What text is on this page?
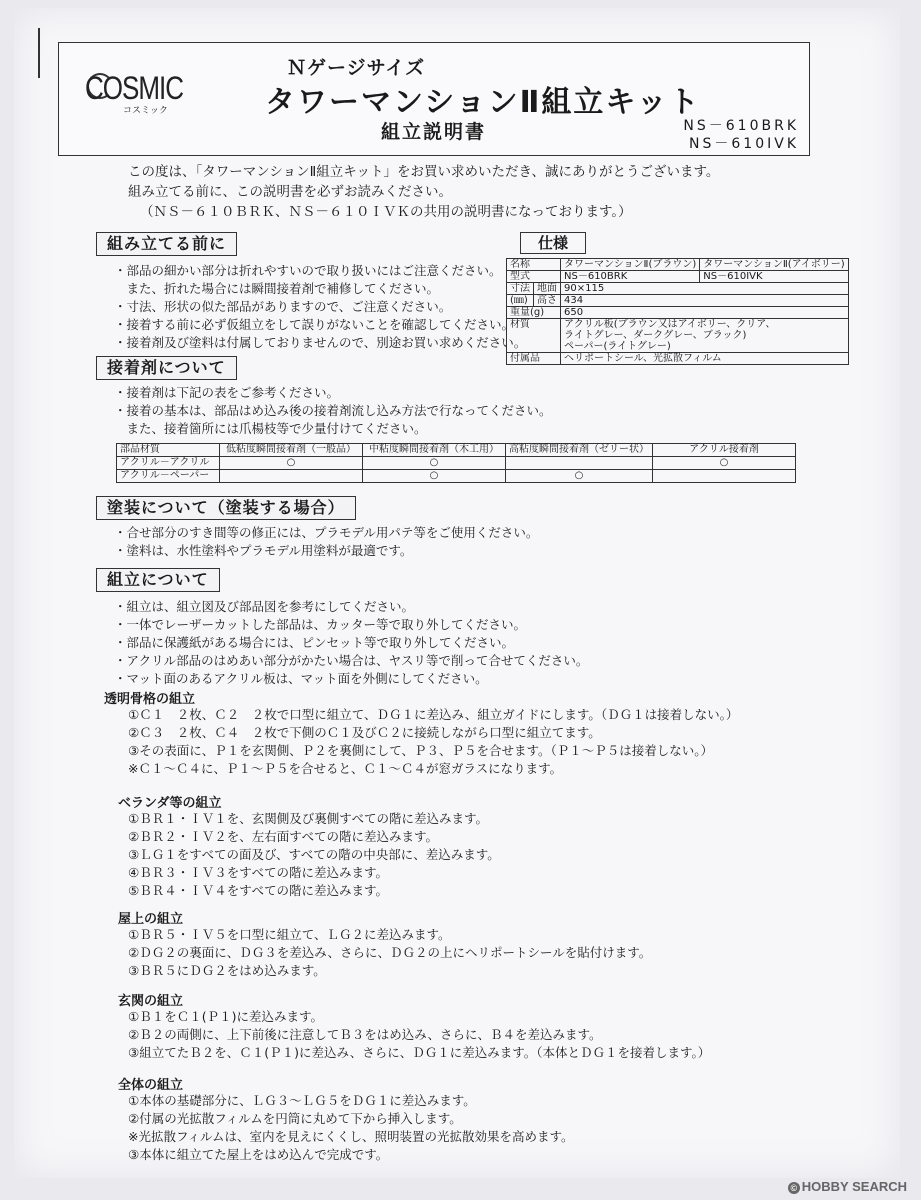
COSMIC
コスミック
Ｎゲージサイズ
タワーマンションⅡ組立キット
組立説明書	NS－610BRK
NS－610IVK
この度は、「タワーマンションⅡ組立キット」をお買い求めいただき、誠にありがとうございます。
組み立てる前に、この説明書を必ずお読みください。
（ＮＳ－６１０ＢＲＫ、ＮＳ－６１０ＩＶＫの共用の説明書になっております。）
組み立てる前に
・部品の細かい部分は折れやすいので取り扱いにはご注意ください。
　また、折れた場合には瞬間接着剤で補修してください。
・寸法、形状の似た部品がありますので、ご注意ください。
・接着する前に必ず仮組立をして誤りがないことを確認してください。
・接着剤及び塗料は付属しておりませんので、別途お買い求めください。
仕様
名称		タワーマンションⅡ(ブラウン)	タワーマンションⅡ(アイボリー)
型式		NS－610BRK	NS－610IVK
寸法	地面	90×115	
(㎜)	高さ	434	
重量(g)		650	
材質		アクリル板(ブラウン又はアイボリー、クリア、
ライトグレー、ダークグレー、ブラック)
ペーパー(ライトグレー)	

付属品		ヘリポートシール、光拡散フィルム	
接着剤について
・接着剤は下記の表をご参考ください。
・接着の基本は、部品はめ込み後の接着剤流し込み方法で行なってください。
　また、接着箇所には爪楊枝等で少量付けてください。
部品材質	低粘度瞬間接着剤（一般品）	中粘度瞬間接着剤（木工用）	高粘度瞬間接着剤（ゼリー状）	アクリル接着剤
アクリル－アクリル	○	○		○
アクリル－ペーパー		○	○	
塗装について（塗装する場合）
・合せ部分のすき間等の修正には、プラモデル用パテ等をご使用ください。
・塗料は、水性塗料やプラモデル用塗料が最適です。
組立について
・組立は、組立図及び部品図を参考にしてください。
・一体でレーザーカットした部品は、カッター等で取り外してください。
・部品に保護紙がある場合には、ピンセット等で取り外してください。
・アクリル部品のはめあい部分がかたい場合は、ヤスリ等で削って合せてください。
・マット面のあるアクリル板は、マット面を外側にしてください。
透明骨格の組立
①Ｃ１　２枚、Ｃ２　２枚で口型に組立て、ＤＧ１に差込み、組立ガイドにします。（ＤＧ１は接着しない。）
②Ｃ３　２枚、Ｃ４　２枚で下側のＣ１及びＣ２に接続しながら口型に組立てます。
③その表面に、Ｐ１を玄関側、Ｐ２を裏側にして、Ｐ３、Ｐ５を合せます。（Ｐ１～Ｐ５は接着しない。）
※Ｃ１～Ｃ４に、Ｐ１～Ｐ５を合せると、Ｃ１～Ｃ４が窓ガラスになります。
ベランダ等の組立
①ＢＲ１・ＩＶ１を、玄関側及び裏側すべての階に差込みます。
②ＢＲ２・ＩＶ２を、左右面すべての階に差込みます。
③ＬＧ１をすべての面及び、すべての階の中央部に、差込みます。
④ＢＲ３・ＩＶ３をすべての階に差込みます。
⑤ＢＲ４・ＩＶ４をすべての階に差込みます。
屋上の組立
①ＢＲ５・ＩＶ５を口型に組立て、ＬＧ２に差込みます。
②ＤＧ２の裏面に、ＤＧ３を差込み、さらに、ＤＧ２の上にヘリポートシールを貼付けます。
③ＢＲ５にＤＧ２をはめ込みます。
玄関の組立
①Ｂ１をＣ１(Ｐ１)に差込みます。
②Ｂ２の両側に、上下前後に注意してＢ３をはめ込み、さらに、Ｂ４を差込みます。
③組立てたＢ２を、Ｃ１(Ｐ１)に差込み、さらに、ＤＧ１に差込みます。（本体とＤＧ１を接着します。）
全体の組立
①本体の基礎部分に、ＬＧ３～ＬＧ５をＤＧ１に差込みます。
②付属の光拡散フィルムを円筒に丸めて下から挿入します。
※光拡散フィルムは、室内を見えにくくし、照明装置の光拡散効果を高めます。
③本体に組立てた屋上をはめ込んで完成です。
© HOBBY SEARCH
